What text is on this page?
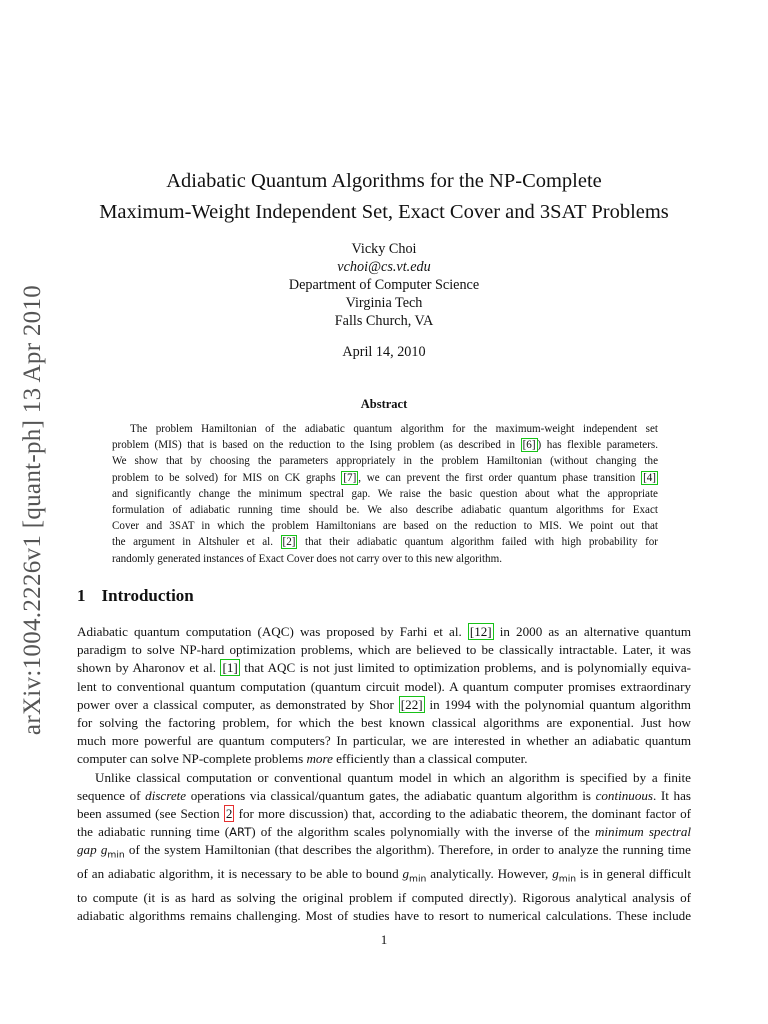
arXiv:1004.2226v1 [quant-ph] 13 Apr 2010
Adiabatic Quantum Algorithms for the NP-Complete
Maximum-Weight Independent Set, Exact Cover and 3SAT Problems
Vicky Choi
vchoi@cs.vt.edu
Department of Computer Science
Virginia Tech
Falls Church, VA
April 14, 2010
Abstract
The problem Hamiltonian of the adiabatic quantum algorithm for the maximum-weight independent set
problem (MIS) that is based on the reduction to the Ising problem (as described in [6] ) has flexible parameters.
We show that by choosing the parameters appropriately in the problem Hamiltonian (without changing the
problem to be solved) for MIS on CK graphs [7] , we can prevent the first order quantum phase transition [4]
and significantly change the minimum spectral gap. We raise the basic question about what the appropriate
formulation of adiabatic running time should be. We also describe adiabatic quantum algorithms for Exact
Cover and 3SAT in which the problem Hamiltonians are based on the reduction to MIS. We point out that
the argument in Altshuler et al. [2] that their adiabatic quantum algorithm failed with high probability for
randomly generated instances of Exact Cover does not carry over to this new algorithm.
1 Introduction
Adiabatic quantum computation (AQC) was proposed by Farhi et al. [12] in 2000 as an alternative quantum
paradigm to solve NP-hard optimization problems, which are believed to be classically intractable. Later, it was
shown by Aharonov et al. [1] that AQC is not just limited to optimization problems, and is polynomially equiva-
lent to conventional quantum computation (quantum circuit model). A quantum computer promises extraordinary
power over a classical computer, as demonstrated by Shor [22] in 1994 with the polynomial quantum algorithm
for solving the factoring problem, for which the best known classical algorithms are exponential. Just how
much more powerful are quantum computers? In particular, we are interested in whether an adiabatic quantum
computer can solve NP-complete problems more efficiently than a classical computer.
Unlike classical computation or conventional quantum model in which an algorithm is specified by a finite
sequence of discrete operations via classical/quantum gates, the adiabatic quantum algorithm is continuous. It has
been assumed (see Section 2 for more discussion) that, according to the adiabatic theorem, the dominant factor of
the adiabatic running time (ART) of the algorithm scales polynomially with the inverse of the minimum spectral
gap $g_{min}$ of the system Hamiltonian (that describes the algorithm). Therefore, in order to analyze the running time
of an adiabatic algorithm, it is necessary to be able to bound $g_{min}$ analytically. However, $g_{min}$ is in general difficult
to compute (it is as hard as solving the original problem if computed directly). Rigorous analytical analysis of
adiabatic algorithms remains challenging. Most of studies have to resort to numerical calculations. These include
1
